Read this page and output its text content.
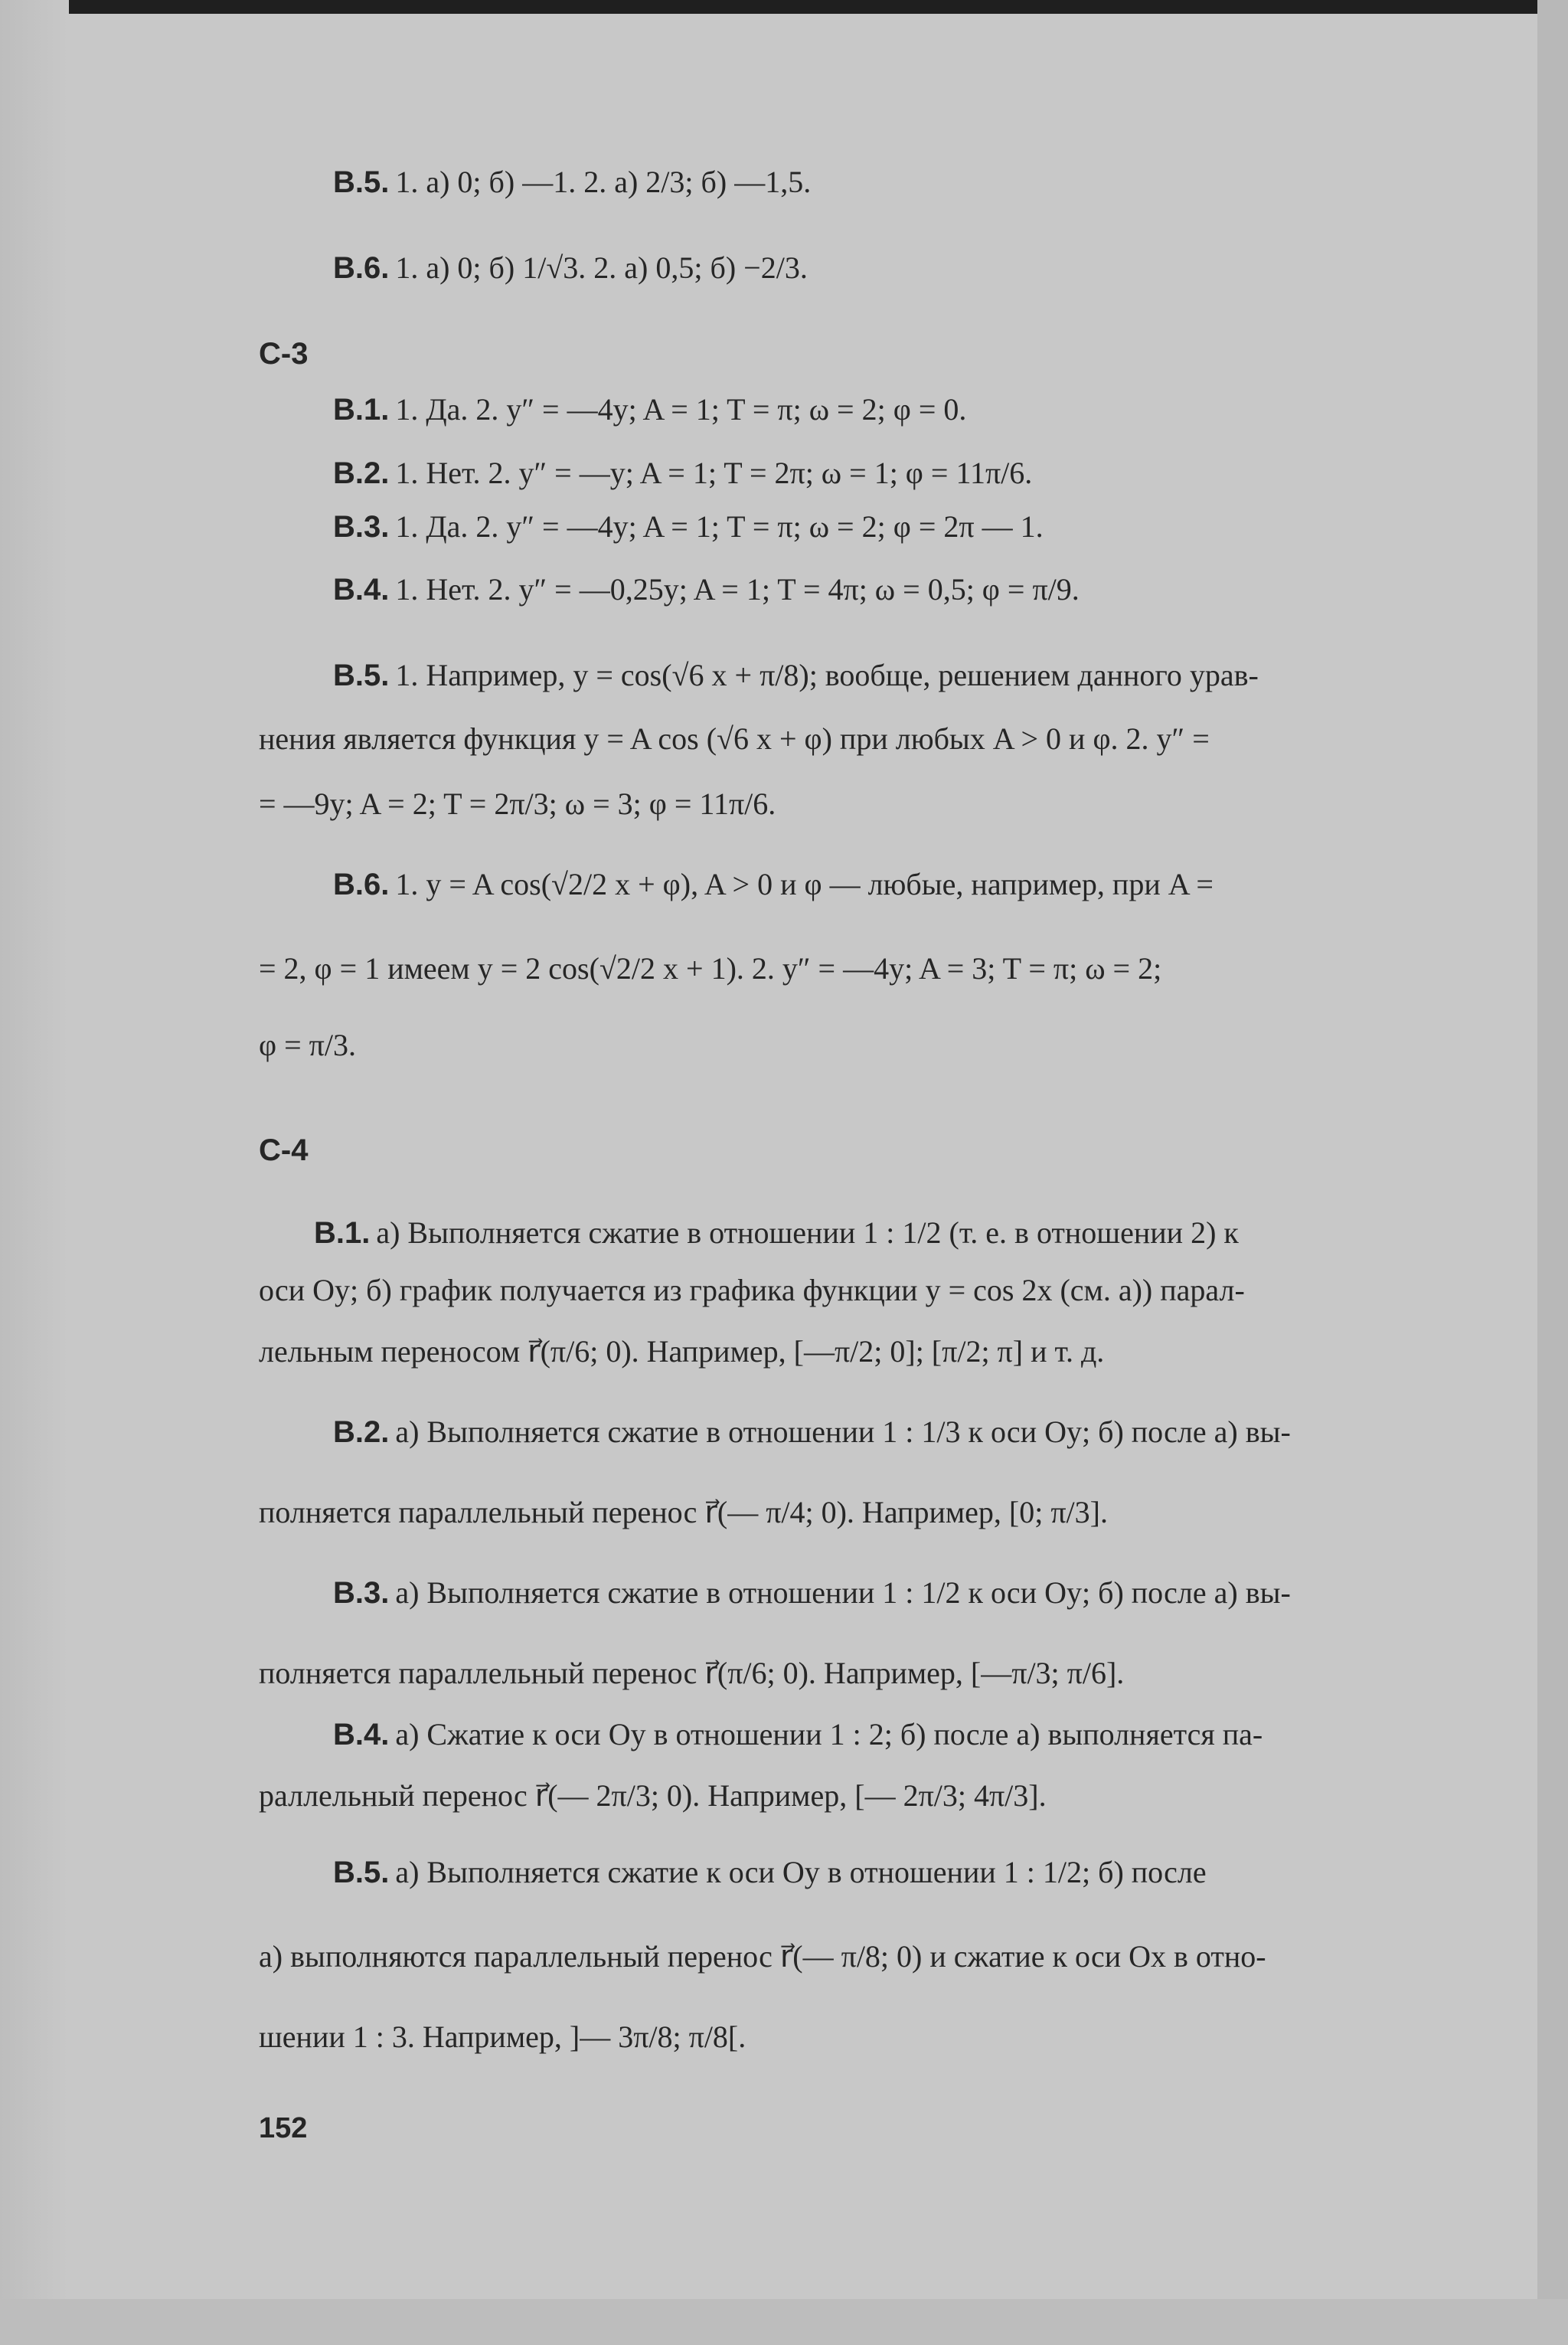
В.5. 1. а) 0; б) —1. 2. а) 2/3; б) —1,5.
В.6. 1. а) 0; б) 1/√3. 2. а) 0,5; б) −2/3.
С-3
В.1. 1. Да. 2. y″ = —4y; A = 1; T = π; ω = 2; φ = 0.
В.2. 1. Нет. 2. y″ = —y; A = 1; T = 2π; ω = 1; φ = 11π/6.
В.3. 1. Да. 2. y″ = —4y; A = 1; T = π; ω = 2; φ = 2π — 1.
В.4. 1. Нет. 2. y″ = —0,25y; A = 1; T = 4π; ω = 0,5; φ = π/9.
В.5. 1. Например, y = cos(√6 x + π/8); вообще, решением данного урав-
нения является функция y = A cos (√6 x + φ) при любых A > 0 и φ. 2. y″ =
= —9y; A = 2; T = 2π/3; ω = 3; φ = 11π/6.
В.6. 1. y = A cos(√2/2 x + φ), A > 0 и φ — любые, например, при A =
= 2, φ = 1 имеем y = 2 cos(√2/2 x + 1). 2. y″ = —4y; A = 3; T = π; ω = 2;
φ = π/3.
С-4
В.1. а) Выполняется сжатие в отношении 1 : 1/2 (т. е. в отношении 2) к
оси Oy; б) график получается из графика функции y = cos 2x (см. а)) парал-
лельным переносом r⃗(π/6; 0). Например, [—π/2; 0]; [π/2; π] и т. д.
В.2. а) Выполняется сжатие в отношении 1 : 1/3 к оси Oy; б) после а) вы-
полняется параллельный перенос r⃗(— π/4; 0). Например, [0; π/3].
В.3. а) Выполняется сжатие в отношении 1 : 1/2 к оси Oy; б) после а) вы-
полняется параллельный перенос r⃗(π/6; 0). Например, [—π/3; π/6].
В.4. а) Сжатие к оси Oy в отношении 1 : 2; б) после а) выполняется па-
раллельный перенос r⃗(— 2π/3; 0). Например, [— 2π/3; 4π/3].
В.5. а) Выполняется сжатие к оси Oy в отношении 1 : 1/2; б) после
а) выполняются параллельный перенос r⃗(— π/8; 0) и сжатие к оси Ox в отно-
шении 1 : 3. Например, ]— 3π/8; π/8[.
152
